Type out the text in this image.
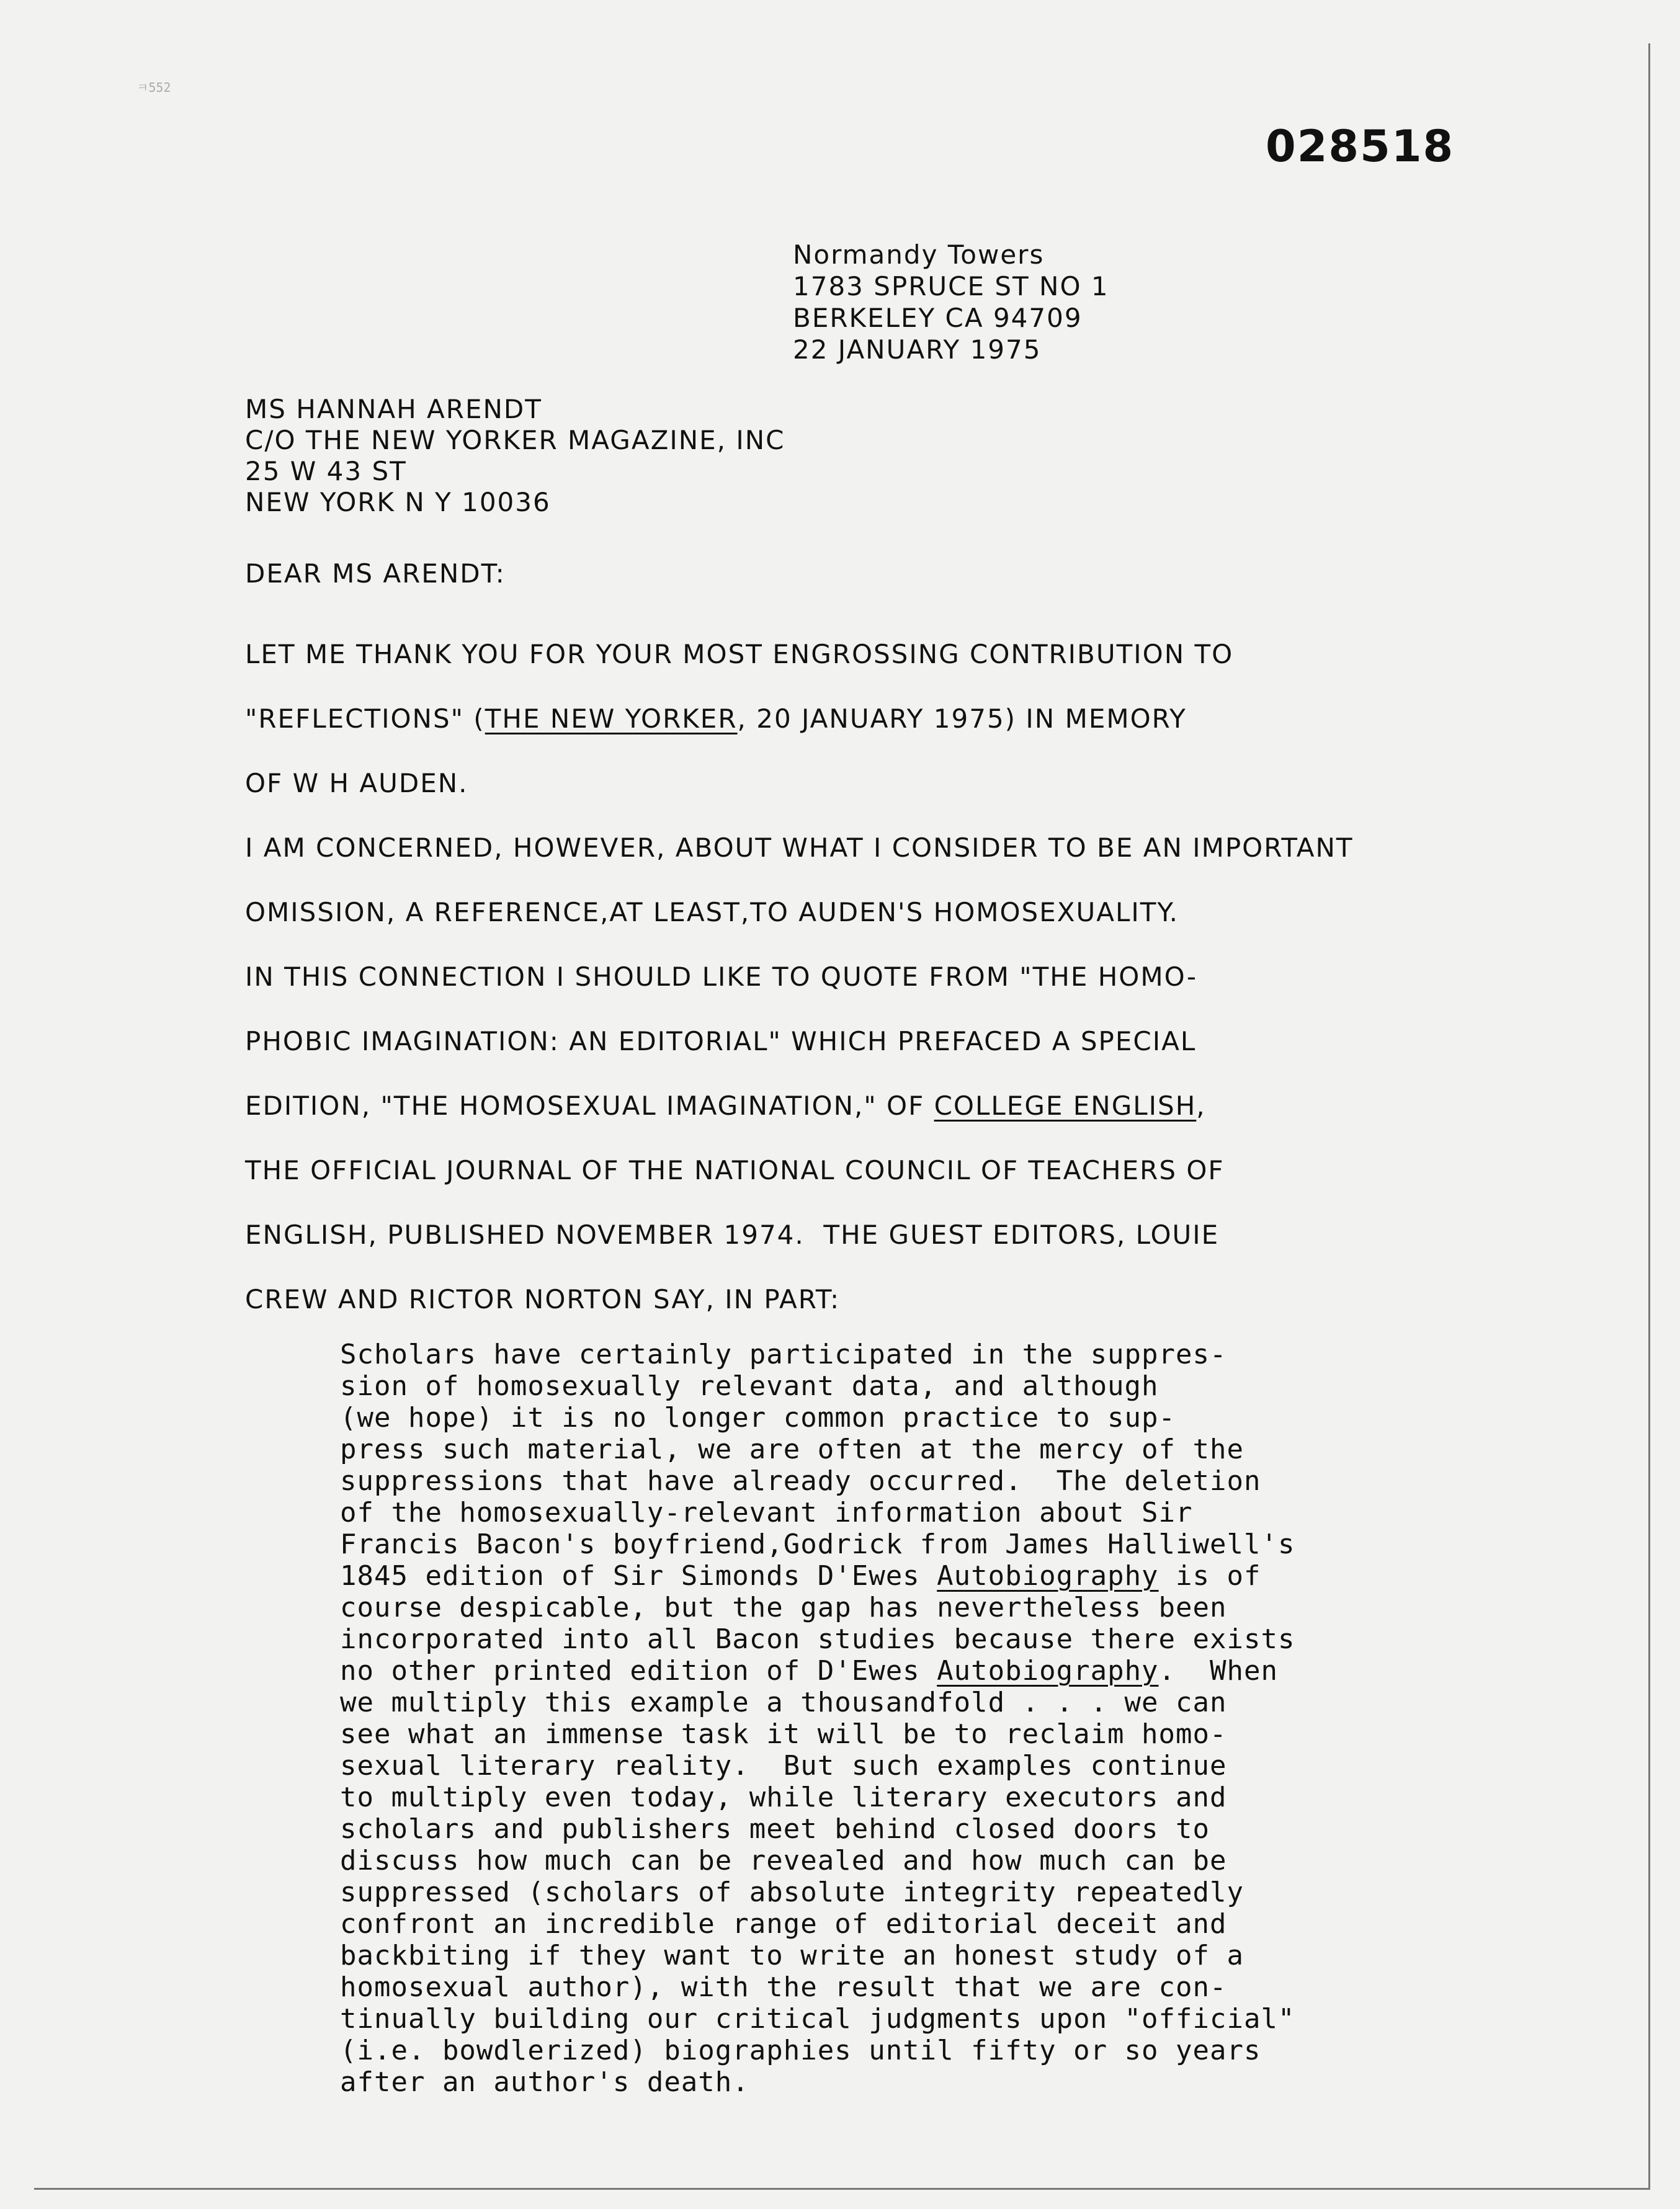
ㅋ552
028518
Normandy Towers
1783 SPRUCE ST NO 1
BERKELEY CA 94709
22 JANUARY 1975
MS HANNAH ARENDT
C/O THE NEW YORKER MAGAZINE, INC
25 W 43 ST
NEW YORK N Y 10036
DEAR MS ARENDT:
LET ME THANK YOU FOR YOUR MOST ENGROSSING CONTRIBUTION TO
"REFLECTIONS" (THE NEW YORKER, 20 JANUARY 1975) IN MEMORY
OF W H AUDEN.
I AM CONCERNED, HOWEVER, ABOUT WHAT I CONSIDER TO BE AN IMPORTANT
OMISSION, A REFERENCE,AT LEAST,TO AUDEN'S HOMOSEXUALITY.
IN THIS CONNECTION I SHOULD LIKE TO QUOTE FROM "THE HOMO-
PHOBIC IMAGINATION: AN EDITORIAL" WHICH PREFACED A SPECIAL
EDITION, "THE HOMOSEXUAL IMAGINATION," OF COLLEGE ENGLISH,
THE OFFICIAL JOURNAL OF THE NATIONAL COUNCIL OF TEACHERS OF
ENGLISH, PUBLISHED NOVEMBER 1974.  THE GUEST EDITORS, LOUIE
CREW AND RICTOR NORTON SAY, IN PART:
Scholars have certainly participated in the suppres-
sion of homosexually relevant data, and although
(we hope) it is no longer common practice to sup-
press such material, we are often at the mercy of the
suppressions that have already occurred.  The deletion
of the homosexually-relevant information about Sir
Francis Bacon's boyfriend,Godrick from James Halliwell's
1845 edition of Sir Simonds D'Ewes Autobiography is of
course despicable, but the gap has nevertheless been
incorporated into all Bacon studies because there exists
no other printed edition of D'Ewes Autobiography.  When
we multiply this example a thousandfold . . . we can
see what an immense task it will be to reclaim homo-
sexual literary reality.  But such examples continue
to multiply even today, while literary executors and
scholars and publishers meet behind closed doors to
discuss how much can be revealed and how much can be
suppressed (scholars of absolute integrity repeatedly
confront an incredible range of editorial deceit and
backbiting if they want to write an honest study of a
homosexual author), with the result that we are con-
tinually building our critical judgments upon "official"
(i.e. bowdlerized) biographies until fifty or so years
after an author's death.
